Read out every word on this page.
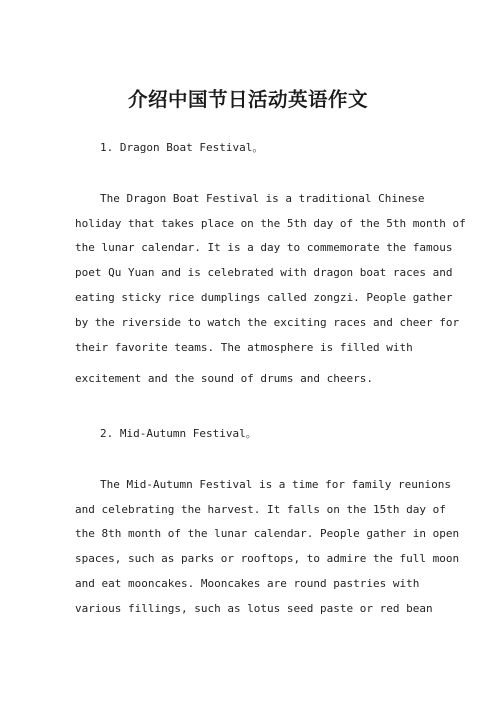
介绍中国节日活动英语作文
1. Dragon Boat Festival。
The Dragon Boat Festival is a traditional Chinese
holiday that takes place on the 5th day of the 5th month of
the lunar calendar. It is a day to commemorate the famous
poet Qu Yuan and is celebrated with dragon boat races and
eating sticky rice dumplings called zongzi. People gather
by the riverside to watch the exciting races and cheer for
their favorite teams. The atmosphere is filled with
excitement and the sound of drums and cheers.
2. Mid-Autumn Festival。
The Mid-Autumn Festival is a time for family reunions
and celebrating the harvest. It falls on the 15th day of
the 8th month of the lunar calendar. People gather in open
spaces, such as parks or rooftops, to admire the full moon
and eat mooncakes. Mooncakes are round pastries with
various fillings, such as lotus seed paste or red bean
